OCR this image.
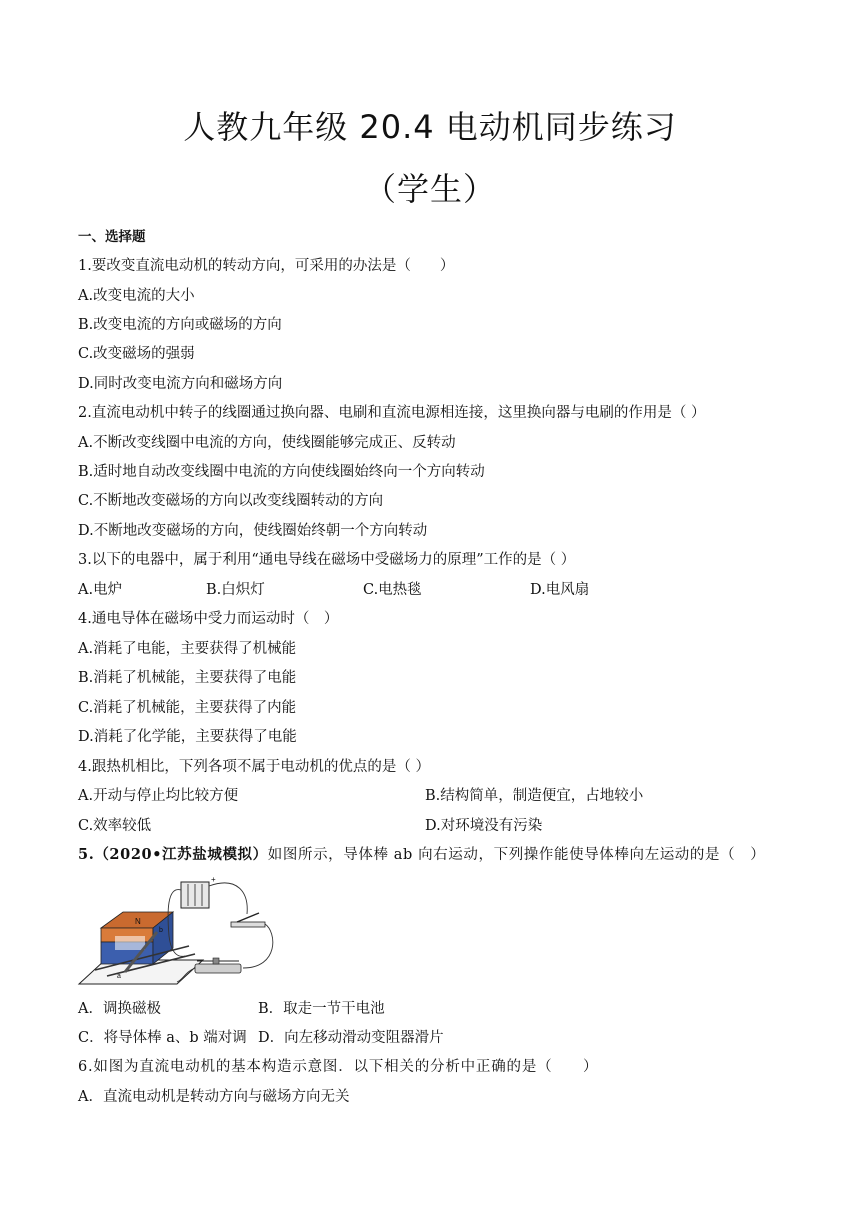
人教九年级 20.4 电动机同步练习
（学生）
一、选择题
1.要改变直流电动机的转动方向，可采用的办法是（　　）
A.改变电流的大小
B.改变电流的方向或磁场的方向
C.改变磁场的强弱
D.同时改变电流方向和磁场方向
2.直流电动机中转子的线圈通过换向器、电刷和直流电源相连接，这里换向器与电刷的作用是（ ）
A.不断改变线圈中电流的方向，使线圈能够完成正、反转动
B.适时地自动改变线圈中电流的方向使线圈始终向一个方向转动
C.不断地改变磁场的方向以改变线圈转动的方向
D.不断地改变磁场的方向，使线圈始终朝一个方向转动
3.以下的电器中，属于利用“通电导线在磁场中受磁场力的原理”工作的是（ ）
A.电炉	B.白炽灯	C.电热毯	D.电风扇
4.通电导体在磁场中受力而运动时（　）
A.消耗了电能，主要获得了机械能
B.消耗了机械能，主要获得了电能
C.消耗了机械能，主要获得了内能
D.消耗了化学能，主要获得了电能
4.跟热机相比，下列各项不属于电动机的优点的是（ ）
A.开动与停止均比较方便	B.结构简单，制造便宜，占地较小
C.效率较低	D.对环境没有污染
5.（2020•江苏盐城模拟）如图所示，导体棒 ab 向右运动，下列操作能使导体棒向左运动的是（　）
N
a
b
+
A．调换磁极	B．取走一节干电池
C．将导体棒 a、b 端对调 D．向左移动滑动变阻器滑片
6.如图为直流电动机的基本构造示意图．以下相关的分析中正确的是（　　）
A．直流电动机是转动方向与磁场方向无关
